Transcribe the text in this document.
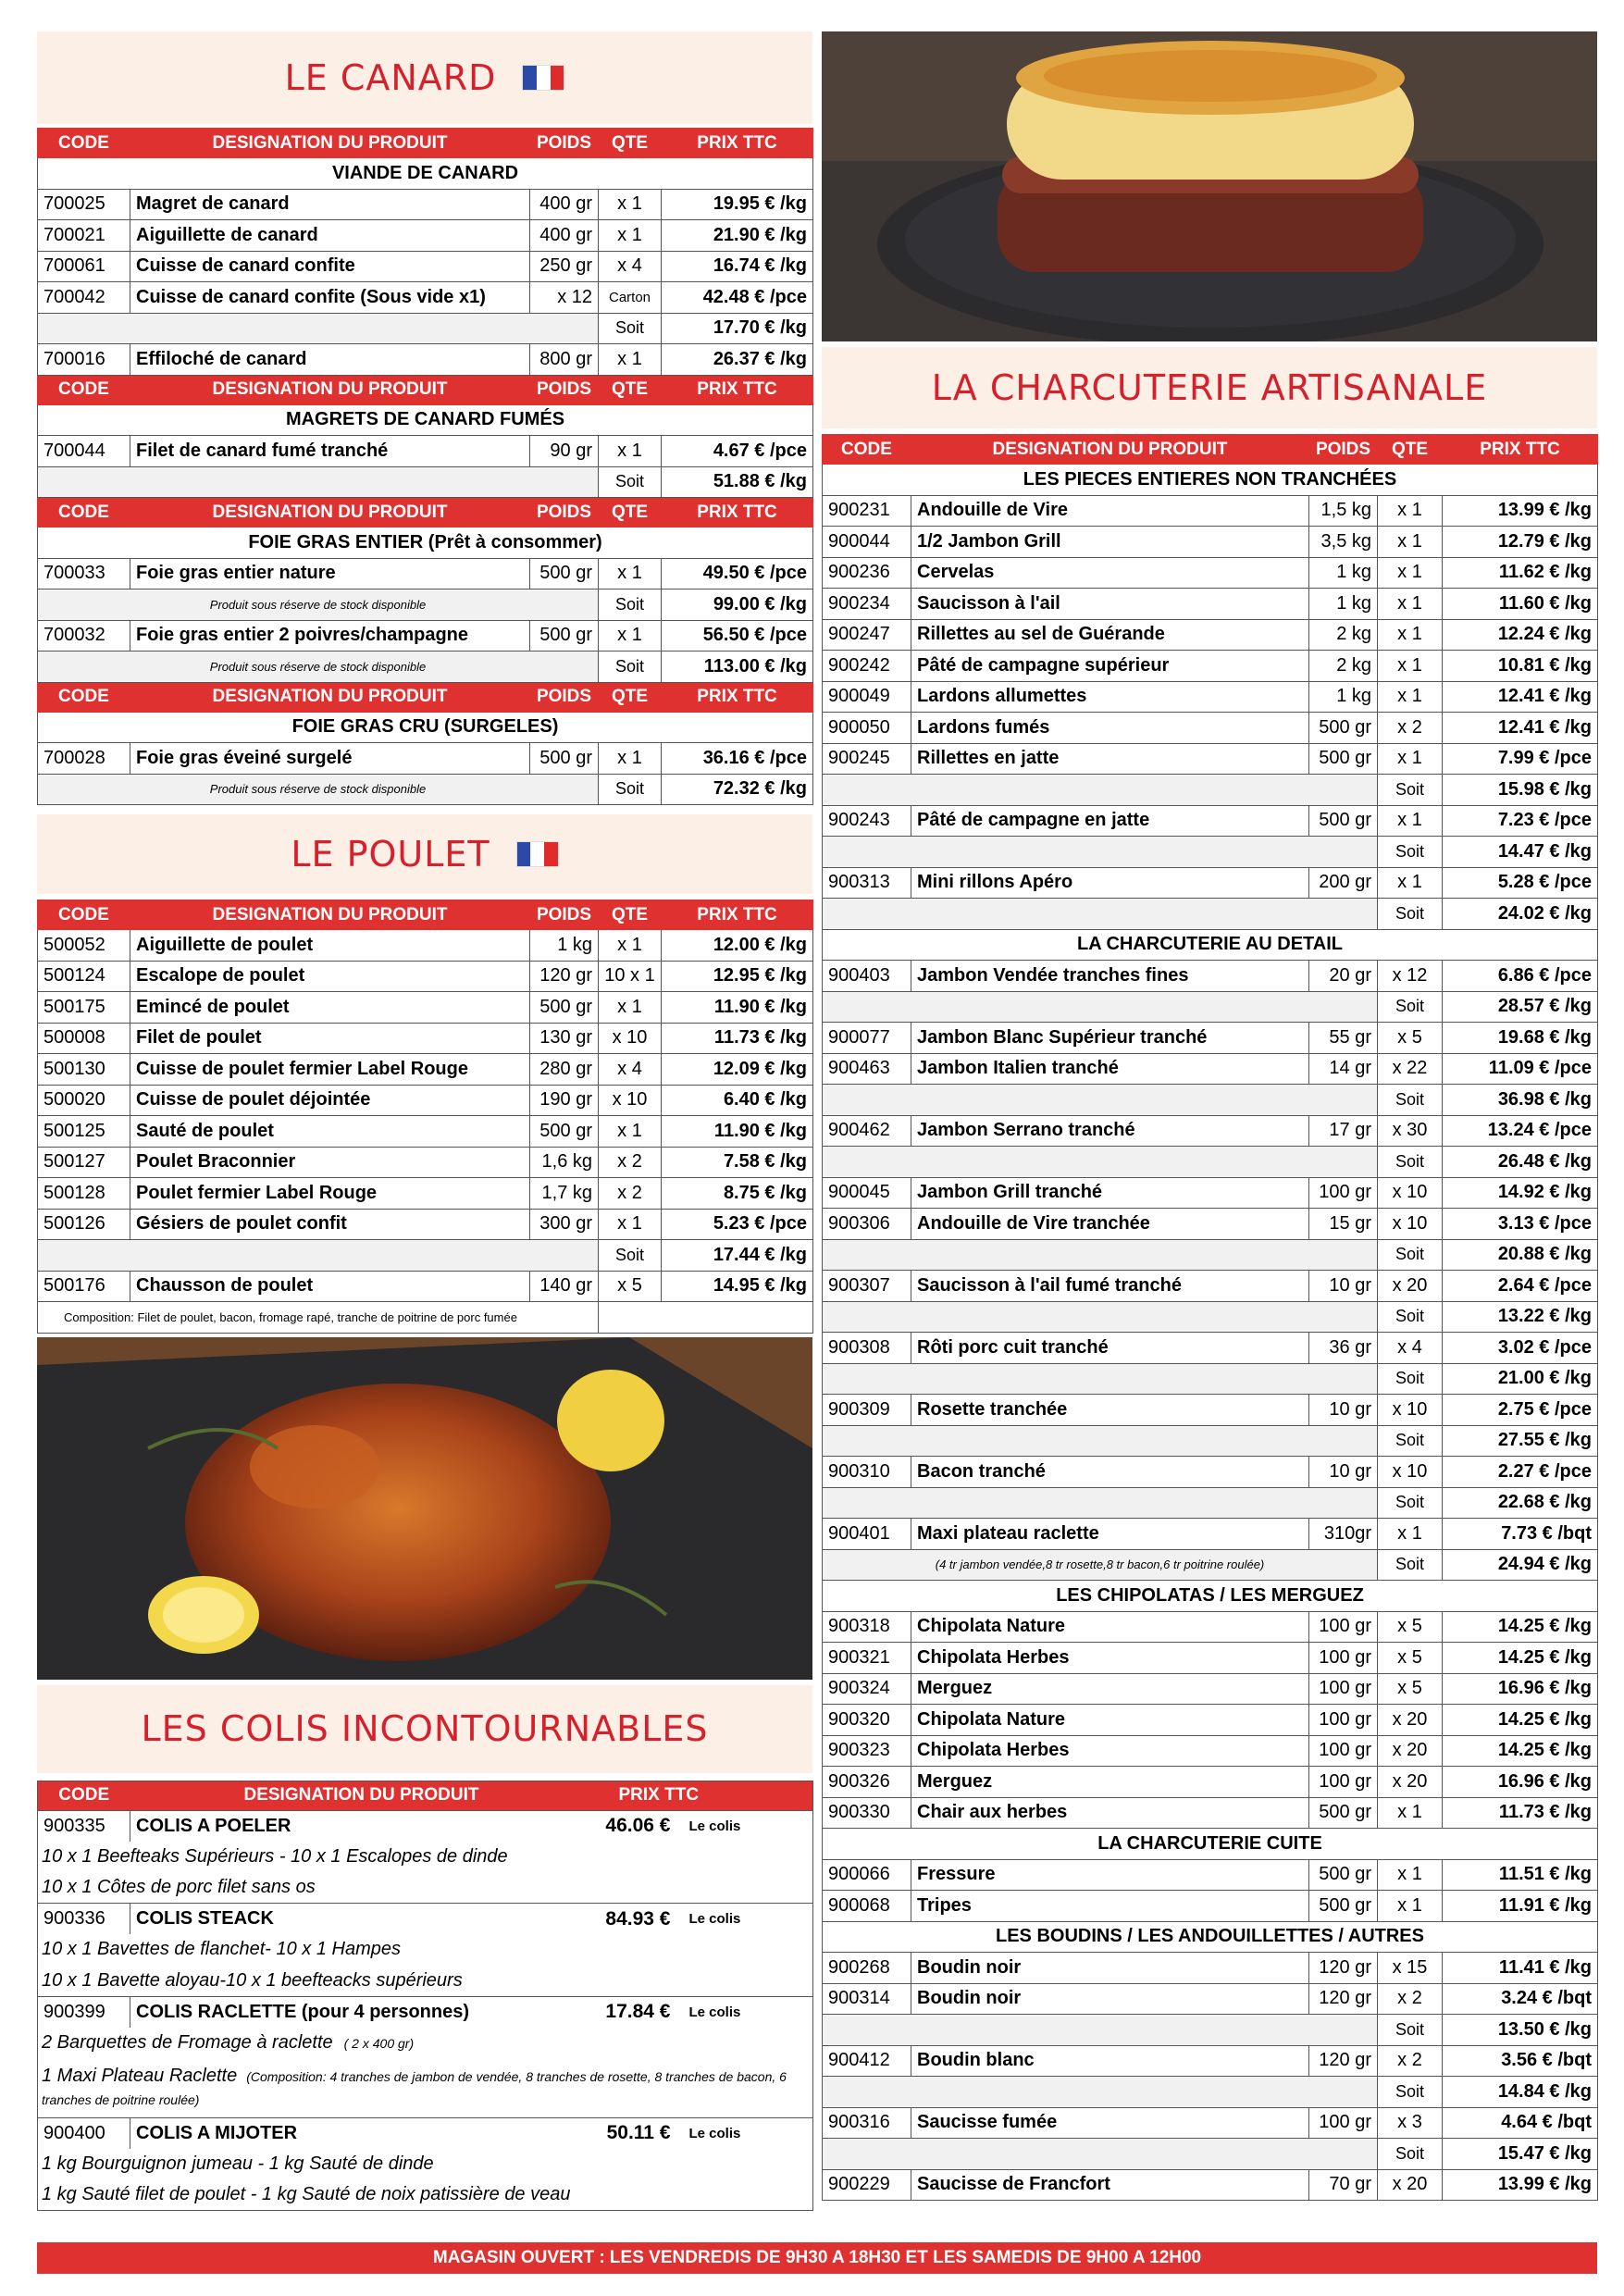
LE CANARD
CODE	DESIGNATION DU PRODUIT	POIDS	QTE	PRIX TTC
VIANDE DE CANARD				
700025	Magret de canard	400 gr	x 1	19.95 € /kg
700021	Aiguillette de canard	400 gr	x 1	21.90 € /kg
700061	Cuisse de canard confite	250 gr	x 4	16.74 € /kg
700042	Cuisse de canard confite (Sous vide x1)	x 12	Carton	42.48 € /pce
			Soit	17.70 € /kg
700016	Effiloché de canard	800 gr	x 1	26.37 € /kg
CODE	DESIGNATION DU PRODUIT	POIDS	QTE	PRIX TTC
MAGRETS DE CANARD FUMÉS				
700044	Filet de canard fumé tranché	90 gr	x 1	4.67 € /pce
			Soit	51.88 € /kg
CODE	DESIGNATION DU PRODUIT	POIDS	QTE	PRIX TTC
FOIE GRAS ENTIER (Prêt à consommer)				
700033	Foie gras entier nature	500 gr	x 1	49.50 € /pce

Produit sous réserve de stock disponible			Soit	99.00 € /kg
700032	Foie gras entier 2 poivres/champagne	500 gr	x 1	56.50 € /pce

Produit sous réserve de stock disponible			Soit	113.00 € /kg
CODE	DESIGNATION DU PRODUIT	POIDS	QTE	PRIX TTC
FOIE GRAS CRU (SURGELES)				
700028	Foie gras éveiné surgelé	500 gr	x 1	36.16 € /pce

Produit sous réserve de stock disponible			Soit	72.32 € /kg
LE POULET
CODE	DESIGNATION DU PRODUIT	POIDS	QTE	PRIX TTC
500052	Aiguillette de poulet	1 kg	x 1	12.00 € /kg
500124	Escalope de poulet	120 gr	10 x 1	12.95 € /kg
500175	Emincé de poulet	500 gr	x 1	11.90 € /kg
500008	Filet de poulet	130 gr	x 10	11.73 € /kg
500130	Cuisse de poulet fermier Label Rouge	280 gr	x 4	12.09 € /kg
500020	Cuisse de poulet déjointée	190 gr	x 10	6.40 € /kg
500125	Sauté de poulet	500 gr	x 1	11.90 € /kg
500127	Poulet Braconnier	1,6 kg	x 2	7.58 € /kg
500128	Poulet fermier Label Rouge	1,7 kg	x 2	8.75 € /kg
500126	Gésiers de poulet confit	300 gr	x 1	5.23 € /pce
			Soit	17.44 € /kg
500176	Chausson de poulet	140 gr	x 5	14.95 € /kg
Composition: Filet de poulet, bacon, fromage rapé, tranche de poitrine de porc fumée				
LES COLIS INCONTOURNABLES
CODE	DESIGNATION DU PRODUIT	PRIX TTC	
900335	COLIS A POELER	46.06 €	Le colis
10 x 1 Beefteaks Supérieurs - 10 x 1 Escalopes de dinde			
10 x 1 Côtes de porc filet sans os			
900336	COLIS STEACK	84.93 €	Le colis
10 x 1 Bavettes de flanchet- 10 x 1 Hampes			
10 x 1 Bavette aloyau-10 x 1 beefteacks supérieurs			
900399	COLIS RACLETTE (pour 4 personnes)	17.84 €	Le colis
2 Barquettes de Fromage à raclette ( 2 x 400 gr)			
1 Maxi Plateau Raclette (Composition: 4 tranches de jambon de vendée, 8 tranches de rosette, 8 tranches de bacon, 6 tranches de poitrine roulée)			
900400	COLIS A MIJOTER	50.11 €	Le colis
1 kg Bourguignon jumeau - 1 kg Sauté de dinde			
1 kg Sauté filet de poulet - 1 kg Sauté de noix patissière de veau			
LA CHARCUTERIE ARTISANALE
CODE	DESIGNATION DU PRODUIT	POIDS	QTE	PRIX TTC
LES PIECES ENTIERES NON TRANCHÉES				
900231	Andouille de Vire	1,5 kg	x 1	13.99 € /kg
900044	1/2 Jambon Grill	3,5 kg	x 1	12.79 € /kg
900236	Cervelas	1 kg	x 1	11.62 € /kg
900234	Saucisson à l'ail	1 kg	x 1	11.60 € /kg
900247	Rillettes au sel de Guérande	2 kg	x 1	12.24 € /kg
900242	Pâté de campagne supérieur	2 kg	x 1	10.81 € /kg
900049	Lardons allumettes	1 kg	x 1	12.41 € /kg
900050	Lardons fumés	500 gr	x 2	12.41 € /kg
900245	Rillettes en jatte	500 gr	x 1	7.99 € /pce
			Soit	15.98 € /kg
900243	Pâté de campagne en jatte	500 gr	x 1	7.23 € /pce
			Soit	14.47 € /kg
900313	Mini rillons Apéro	200 gr	x 1	5.28 € /pce
			Soit	24.02 € /kg
LA CHARCUTERIE AU DETAIL				
900403	Jambon Vendée tranches fines	20 gr	x 12	6.86 € /pce
			Soit	28.57 € /kg
900077	Jambon Blanc Supérieur tranché	55 gr	x 5	19.68 € /kg
900463	Jambon Italien tranché	14 gr	x 22	11.09 € /pce
			Soit	36.98 € /kg
900462	Jambon Serrano tranché	17 gr	x 30	13.24 € /pce
			Soit	26.48 € /kg
900045	Jambon Grill tranché	100 gr	x 10	14.92 € /kg
900306	Andouille de Vire tranchée	15 gr	x 10	3.13 € /pce
			Soit	20.88 € /kg
900307	Saucisson à l'ail fumé tranché	10 gr	x 20	2.64 € /pce
			Soit	13.22 € /kg
900308	Rôti porc cuit tranché	36 gr	x 4	3.02 € /pce
			Soit	21.00 € /kg
900309	Rosette tranchée	10 gr	x 10	2.75 € /pce
			Soit	27.55 € /kg
900310	Bacon tranché	10 gr	x 10	2.27 € /pce
			Soit	22.68 € /kg
900401	Maxi plateau raclette	310gr	x 1	7.73 € /bqt

(4 tr jambon vendée,8 tr rosette,8 tr bacon,6 tr poitrine roulée)			Soit	24.94 € /kg
LES CHIPOLATAS / LES MERGUEZ				
900318	Chipolata Nature	100 gr	x 5	14.25 € /kg
900321	Chipolata Herbes	100 gr	x 5	14.25 € /kg
900324	Merguez	100 gr	x 5	16.96 € /kg
900320	Chipolata Nature	100 gr	x 20	14.25 € /kg
900323	Chipolata Herbes	100 gr	x 20	14.25 € /kg
900326	Merguez	100 gr	x 20	16.96 € /kg
900330	Chair aux herbes	500 gr	x 1	11.73 € /kg
LA CHARCUTERIE CUITE				
900066	Fressure	500 gr	x 1	11.51 € /kg
900068	Tripes	500 gr	x 1	11.91 € /kg
LES BOUDINS / LES ANDOUILLETTES / AUTRES				
900268	Boudin noir	120 gr	x 15	11.41 € /kg
900314	Boudin noir	120 gr	x 2	3.24 € /bqt
			Soit	13.50 € /kg
900412	Boudin blanc	120 gr	x 2	3.56 € /bqt
			Soit	14.84 € /kg
900316	Saucisse fumée	100 gr	x 3	4.64 € /bqt
			Soit	15.47 € /kg
900229	Saucisse de Francfort	70 gr	x 20	13.99 € /kg
MAGASIN OUVERT : LES VENDREDIS DE 9H30 A 18H30 ET LES SAMEDIS DE 9H00 A 12H00
